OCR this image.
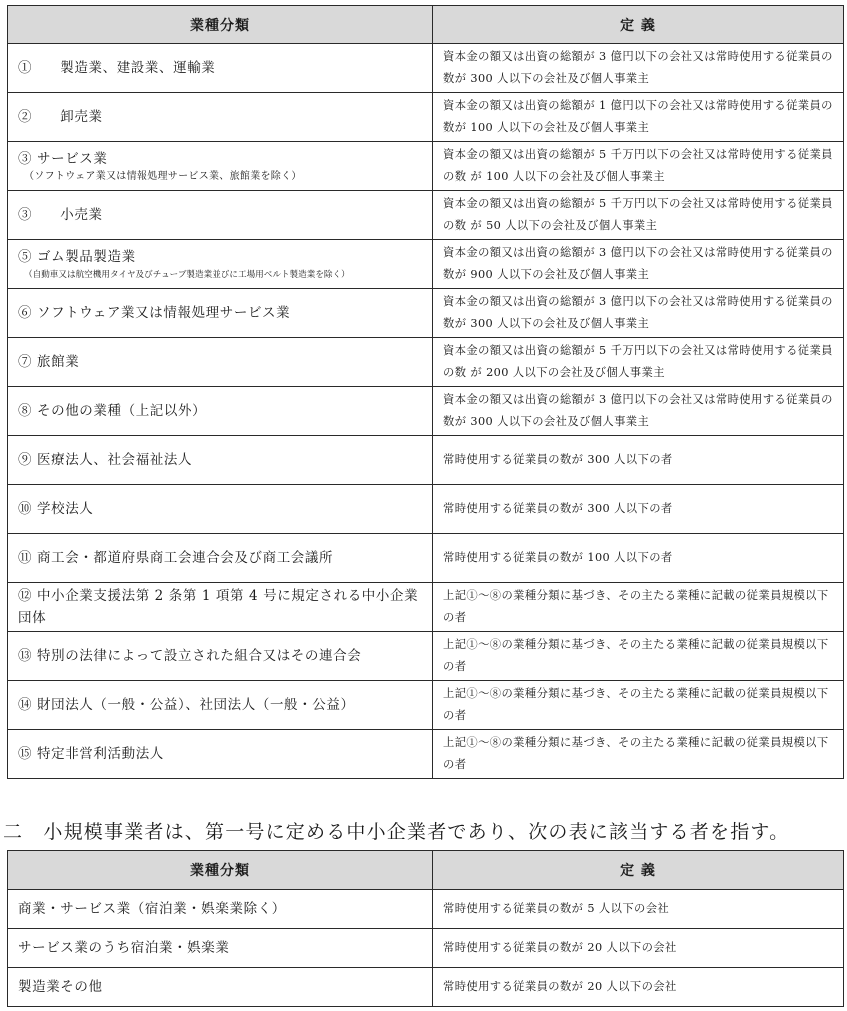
業種分類	定 義
①　　製造業、建設業、運輸業	資本金の額又は出資の総額が 3 億円以下の会社又は常時使用する従業員の数が 300 人以下の会社及び個人事業主
②　　卸売業	資本金の額又は出資の総額が 1 億円以下の会社又は常時使用する従業員の数が 100 人以下の会社及び個人事業主
③ サービス業
（ソフトウェア業又は情報処理サービス業、旅館業を除く）	資本金の額又は出資の総額が 5 千万円以下の会社又は常時使用する従業員の数 が 100 人以下の会社及び個人事業主
③　　小売業	資本金の額又は出資の総額が 5 千万円以下の会社又は常時使用する従業員の数 が 50 人以下の会社及び個人事業主
⑤ ゴム製品製造業
（自動車又は航空機用タイヤ及びチューブ製造業並びに工場用ベルト製造業を除く）	資本金の額又は出資の総額が 3 億円以下の会社又は常時使用する従業員の数が 900 人以下の会社及び個人事業主
⑥ ソフトウェア業又は情報処理サービス業	資本金の額又は出資の総額が 3 億円以下の会社又は常時使用する従業員の数が 300 人以下の会社及び個人事業主
⑦ 旅館業	資本金の額又は出資の総額が 5 千万円以下の会社又は常時使用する従業員の数 が 200 人以下の会社及び個人事業主
⑧ その他の業種（上記以外）	資本金の額又は出資の総額が 3 億円以下の会社又は常時使用する従業員の数が 300 人以下の会社及び個人事業主
⑨ 医療法人、社会福祉法人	常時使用する従業員の数が 300 人以下の者
⑩ 学校法人	常時使用する従業員の数が 300 人以下の者
⑪ 商工会・都道府県商工会連合会及び商工会議所	常時使用する従業員の数が 100 人以下の者
⑫ 中小企業支援法第 2 条第 1 項第 4 号に規定される中小企業団体	上記①～⑧の業種分類に基づき、その主たる業種に記載の従業員規模以下の者
⑬ 特別の法律によって設立された組合又はその連合会	上記①～⑧の業種分類に基づき、その主たる業種に記載の従業員規模以下の者
⑭ 財団法人（一般・公益）、社団法人（一般・公益）	上記①～⑧の業種分類に基づき、その主たる業種に記載の従業員規模以下の者
⑮ 特定非営利活動法人	上記①～⑧の業種分類に基づき、その主たる業種に記載の従業員規模以下の者
二　小規模事業者は、第一号に定める中小企業者であり、次の表に該当する者を指す。
業種分類	定 義
商業・サービス業（宿泊業・娯楽業除く）	常時使用する従業員の数が 5 人以下の会社
サービス業のうち宿泊業・娯楽業	常時使用する従業員の数が 20 人以下の会社
製造業その他	常時使用する従業員の数が 20 人以下の会社
